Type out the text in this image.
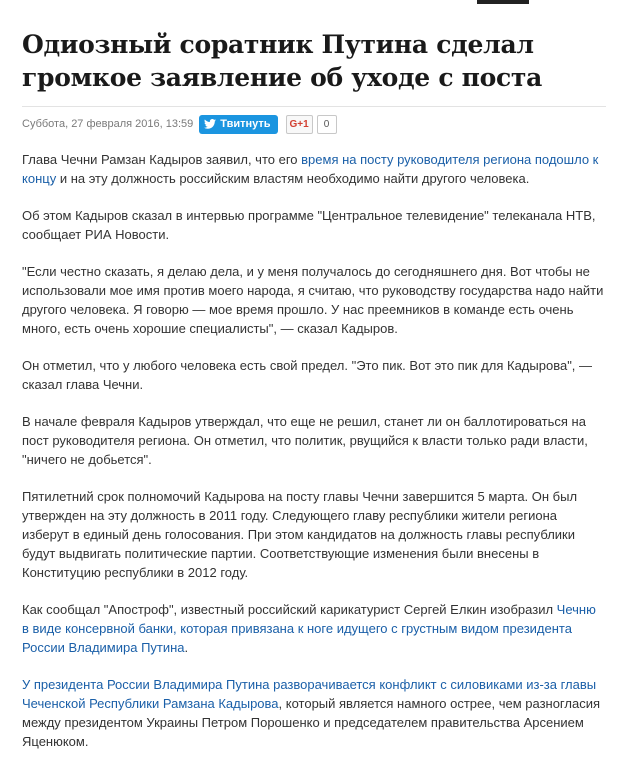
Одиозный соратник Путина сделал громкое заявление об уходе с поста
Суббота, 27 февраля 2016, 13:59 Твитнуть	G+1	0

Глава Чечни Рамзан Кадыров заявил, что его время на посту руководителя региона подошло к концу и на эту должность российским властям необходимо найти другого человека.

Об этом Кадыров сказал в интервью программе "Центральное телевидение" телеканала НТВ, сообщает РИА Новости.

"Если честно сказать, я делаю дела, и у меня получалось до сегодняшнего дня. Вот чтобы не использовали мое имя против моего народа, я считаю, что руководству государства надо найти другого человека. Я говорю — мое время прошло. У нас преемников в команде есть очень много, есть очень хорошие специалисты", — сказал Кадыров.

Он отметил, что у любого человека есть свой предел. "Это пик. Вот это пик для Кадырова", — сказал глава Чечни.

В начале февраля Кадыров утверждал, что еще не решил, станет ли он баллотироваться на пост руководителя региона. Он отметил, что политик, рвущийся к власти только ради власти, "ничего не добьется".

Пятилетний срок полномочий Кадырова на посту главы Чечни завершится 5 марта. Он был утвержден на эту должность в 2011 году. Следующего главу республики жители региона изберут в единый день голосования. При этом кандидатов на должность главы республики будут выдвигать политические партии. Соответствующие изменения были внесены в Конституцию республики в 2012 году.

Как сообщал "Апостроф", известный российский карикатурист Сергей Елкин изобразил Чечню в виде консервной банки, которая привязана к ноге идущего с грустным видом президента России Владимира Путина.

У президента России Владимира Путина разворачивается конфликт с силовиками из-за главы Чеченской Республики Рамзана Кадырова, который является намного острее, чем разногласия между президентом Украины Петром Порошенко и председателем правительства Арсением Яценюком.
